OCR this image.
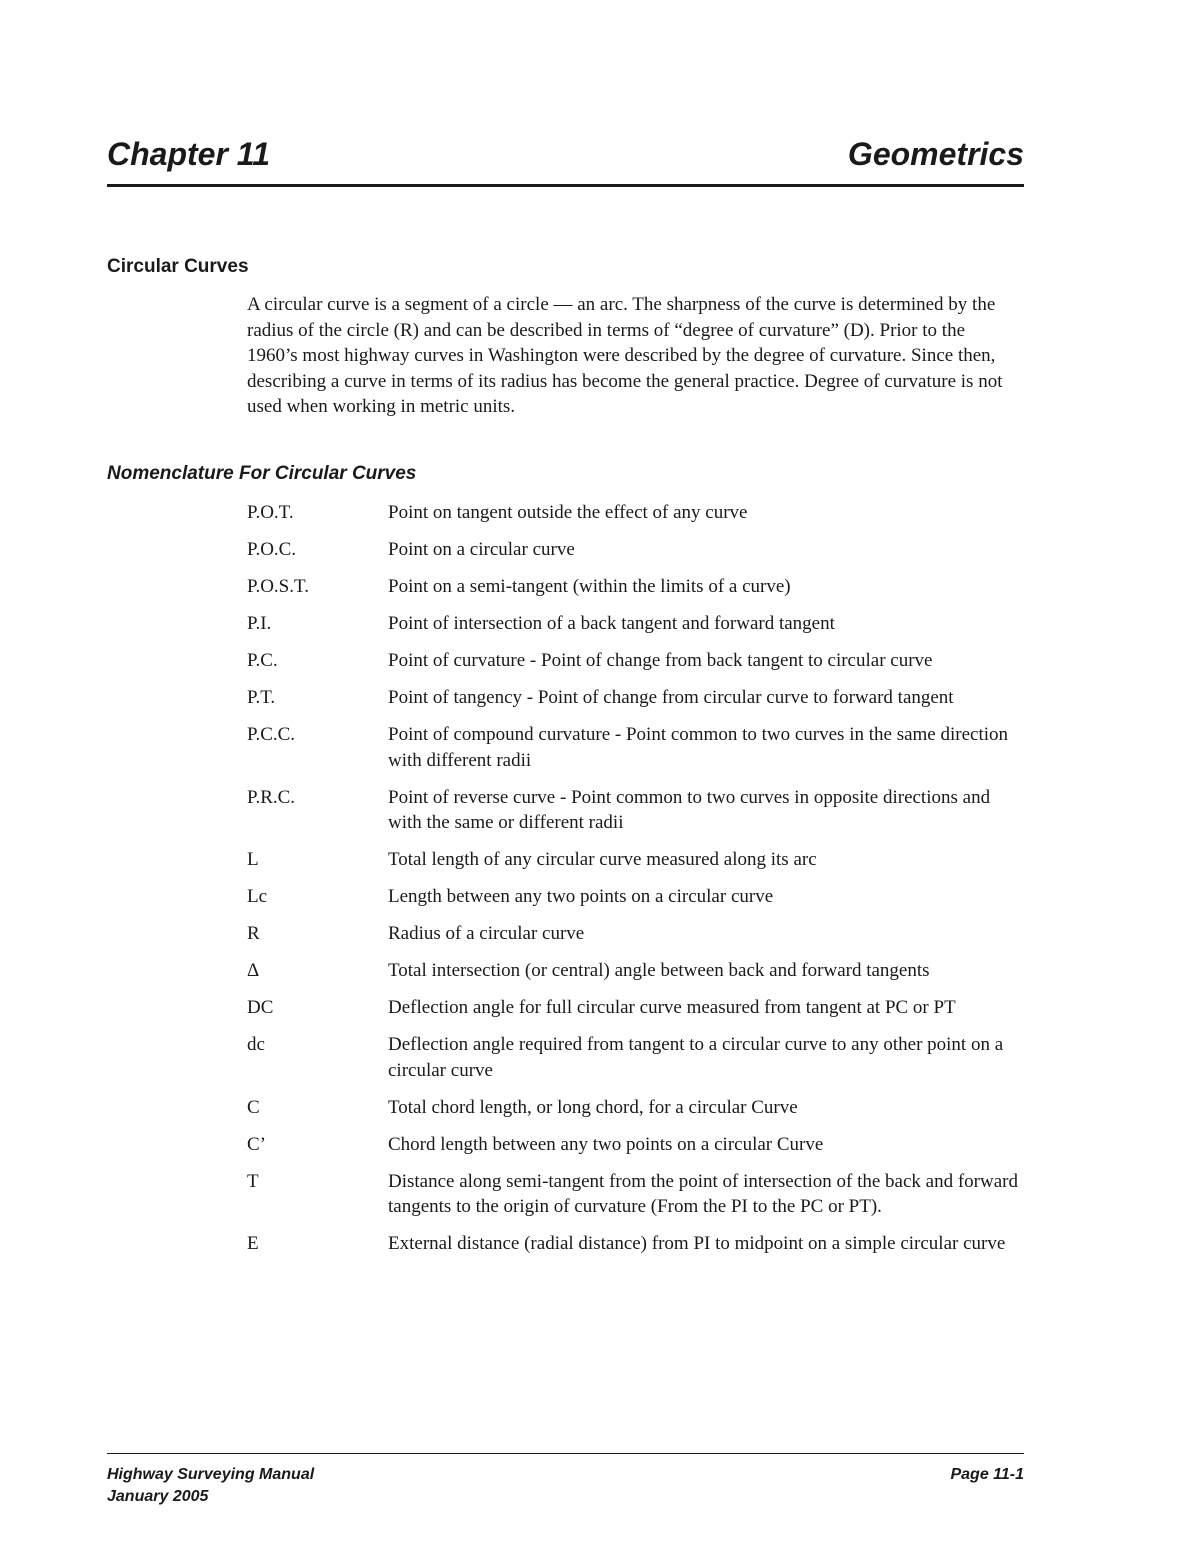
Chapter 11	Geometrics
Circular Curves

A circular curve is a segment of a circle — an arc. The sharpness of the curve is determined by the radius of the circle (R) and can be described in terms of “degree of curvature” (D). Prior to the 1960’s most highway curves in Washington were described by the degree of curvature. Since then, describing a curve in terms of its radius has become the general practice. Degree of curvature is not used when working in metric units.

Nomenclature For Circular Curves
P.O.T.	Point on tangent outside the effect of any curve
P.O.C.	Point on a circular curve
P.O.S.T.	Point on a semi-tangent (within the limits of a curve)
P.I.	Point of intersection of a back tangent and forward tangent
P.C.	Point of curvature - Point of change from back tangent to circular curve
P.T.	Point of tangency - Point of change from circular curve to forward tangent
P.C.C.	Point of compound curvature - Point common to two curves in the same direction with different radii
P.R.C.	Point of reverse curve - Point common to two curves in opposite directions and with the same or different radii
L	Total length of any circular curve measured along its arc
Lc	Length between any two points on a circular curve
R	Radius of a circular curve
Δ	Total intersection (or central) angle between back and forward tangents
DC	Deflection angle for full circular curve measured from tangent at PC or PT
dc	Deflection angle required from tangent to a circular curve to any other point on a circular curve
C	Total chord length, or long chord, for a circular Curve
C’	Chord length between any two points on a circular Curve
T	Distance along semi-tangent from the point of intersection of the back and forward tangents to the origin of curvature (From the PI to the PC or PT).
E	External distance (radial distance) from PI to midpoint on a simple circular curve
Highway Surveying Manual
January 2005
Page 11-1
